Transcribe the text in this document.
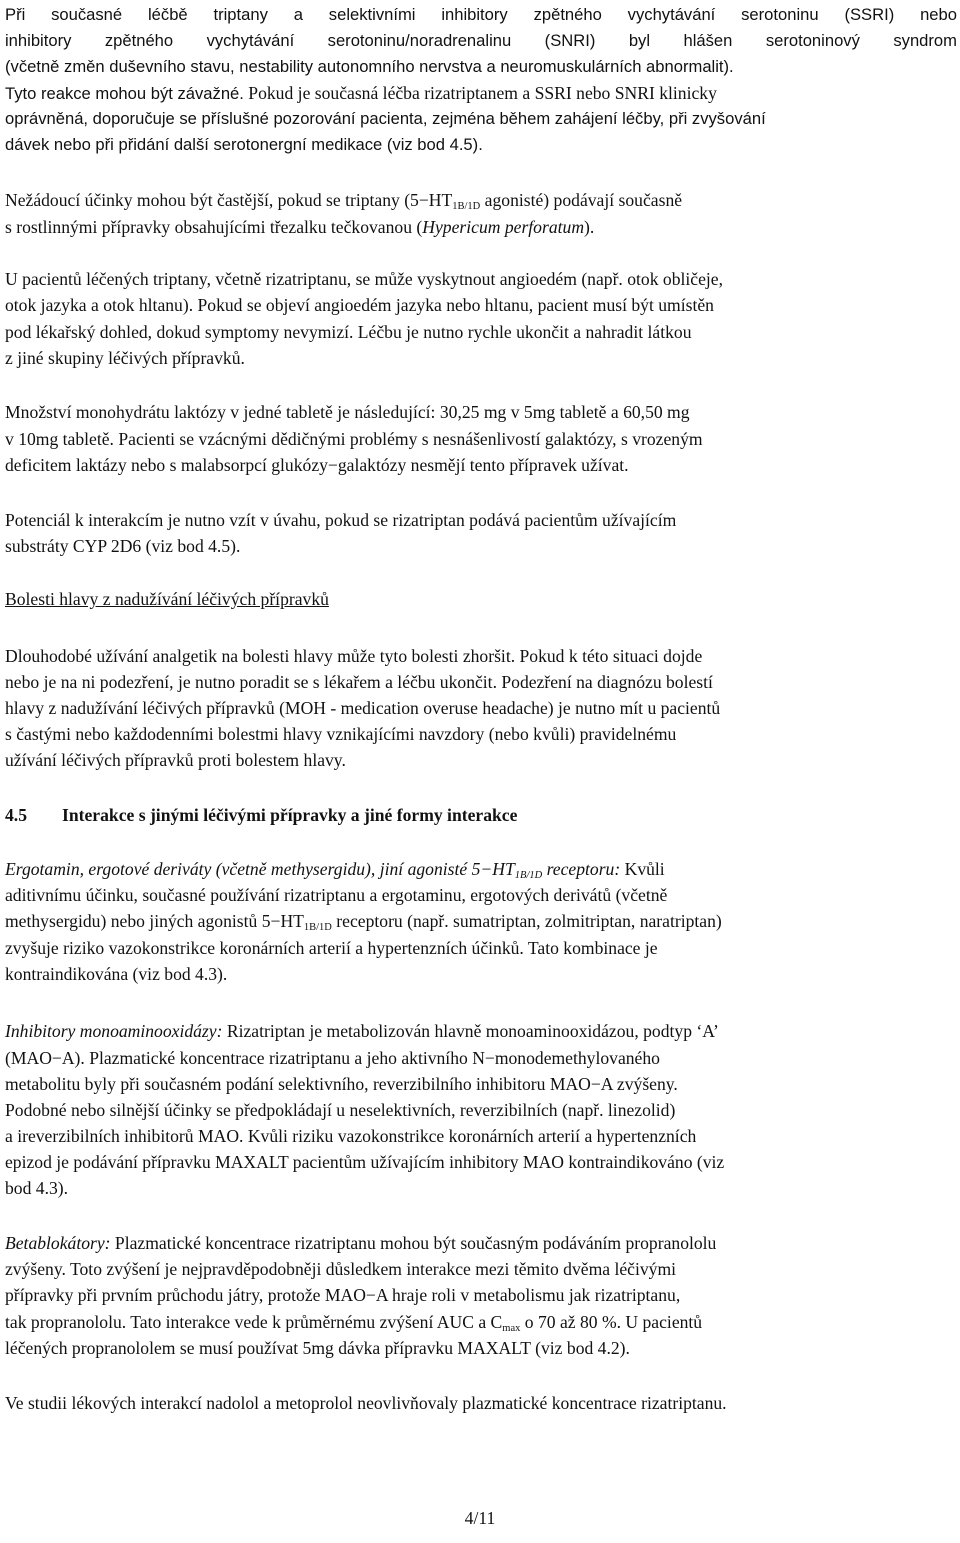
Při současné léčbě triptany a selektivními inhibitory zpětného vychytávání serotoninu (SSRI) nebo
inhibitory zpětného vychytávání serotoninu/noradrenalinu (SNRI) byl hlášen serotoninový syndrom
(včetně změn duševního stavu, nestability autonomního nervstva a neuromuskulárních abnormalit).
Tyto reakce mohou být závažné. Pokud je současná léčba rizatriptanem a SSRI nebo SNRI klinicky
oprávněná, doporučuje se příslušné pozorování pacienta, zejména během zahájení léčby, při zvyšování
dávek nebo při přidání další serotonergní medikace (viz bod 4.5).
Nežádoucí účinky mohou být častější, pokud se triptany ($5-HT_{1B/1D}$ agonisté) podávají současně
s rostlinnými přípravky obsahujícími třezalku tečkovanou (Hypericum perforatum).
U pacientů léčených triptany, včetně rizatriptanu, se může vyskytnout angioedém (např. otok obličeje,
otok jazyka a otok hltanu). Pokud se objeví angioedém jazyka nebo hltanu, pacient musí být umístěn
pod lékařský dohled, dokud symptomy nevymizí. Léčbu je nutno rychle ukončit a nahradit látkou
z jiné skupiny léčivých přípravků.
Množství monohydrátu laktózy v jedné tabletě je následující: 30,25 mg v 5mg tabletě a 60,50 mg
v 10mg tabletě. Pacienti se vzácnými dědičnými problémy s nesnášenlivostí galaktózy, s vrozeným
deficitem laktázy nebo s malabsorpcí glukózy−galaktózy nesmějí tento přípravek užívat.
Potenciál k interakcím je nutno vzít v úvahu, pokud se rizatriptan podává pacientům užívajícím
substráty CYP 2D6 (viz bod 4.5).
Bolesti hlavy z nadužívání léčivých přípravků
Dlouhodobé užívání analgetik na bolesti hlavy může tyto bolesti zhoršit. Pokud k této situaci dojde
nebo je na ni podezření, je nutno poradit se s lékařem a léčbu ukončit. Podezření na diagnózu bolestí
hlavy z nadužívání léčivých přípravků (MOH - medication overuse headache) je nutno mít u pacientů
s častými nebo každodenními bolestmi hlavy vznikajícími navzdory (nebo kvůli) pravidelnému
užívání léčivých přípravků proti bolestem hlavy.
4.5 Interakce s jinými léčivými přípravky a jiné formy interakce
Ergotamin, ergotové deriváty (včetně methysergidu), jiní agonisté $5-HT_{1B/1D}$ receptoru: Kvůli
aditivnímu účinku, současné používání rizatriptanu a ergotaminu, ergotových derivátů (včetně
methysergidu) nebo jiných agonistů $5-HT_{1B/1D}$ receptoru (např. sumatriptan, zolmitriptan, naratriptan)
zvyšuje riziko vazokonstrikce koronárních arterií a hypertenzních účinků. Tato kombinace je
kontraindikována (viz bod 4.3).
Inhibitory monoaminooxidázy: Rizatriptan je metabolizován hlavně monoaminooxidázou, podtyp ‘A’
(MAO−A). Plazmatické koncentrace rizatriptanu a jeho aktivního N−monodemethylovaného
metabolitu byly při současném podání selektivního, reverzibilního inhibitoru MAO−A zvýšeny.
Podobné nebo silnější účinky se předpokládají u neselektivních, reverzibilních (např. linezolid)
a ireverzibilních inhibitorů MAO. Kvůli riziku vazokonstrikce koronárních arterií a hypertenzních
epizod je podávání přípravku MAXALT pacientům užívajícím inhibitory MAO kontraindikováno (viz
bod 4.3).
Betablokátory: Plazmatické koncentrace rizatriptanu mohou být současným podáváním propranololu
zvýšeny. Toto zvýšení je nejpravděpodobněji důsledkem interakce mezi těmito dvěma léčivými
přípravky při prvním průchodu játry, protože MAO−A hraje roli v metabolismu jak rizatriptanu,
tak propranololu. Tato interakce vede k průměrnému zvýšení AUC a $C_{max}$ o 70 až 80 %. U pacientů
léčených propranololem se musí používat 5mg dávka přípravku MAXALT (viz bod 4.2).
Ve studii lékových interakcí nadolol a metoprolol neovlivňovaly plazmatické koncentrace rizatriptanu.
4/11
